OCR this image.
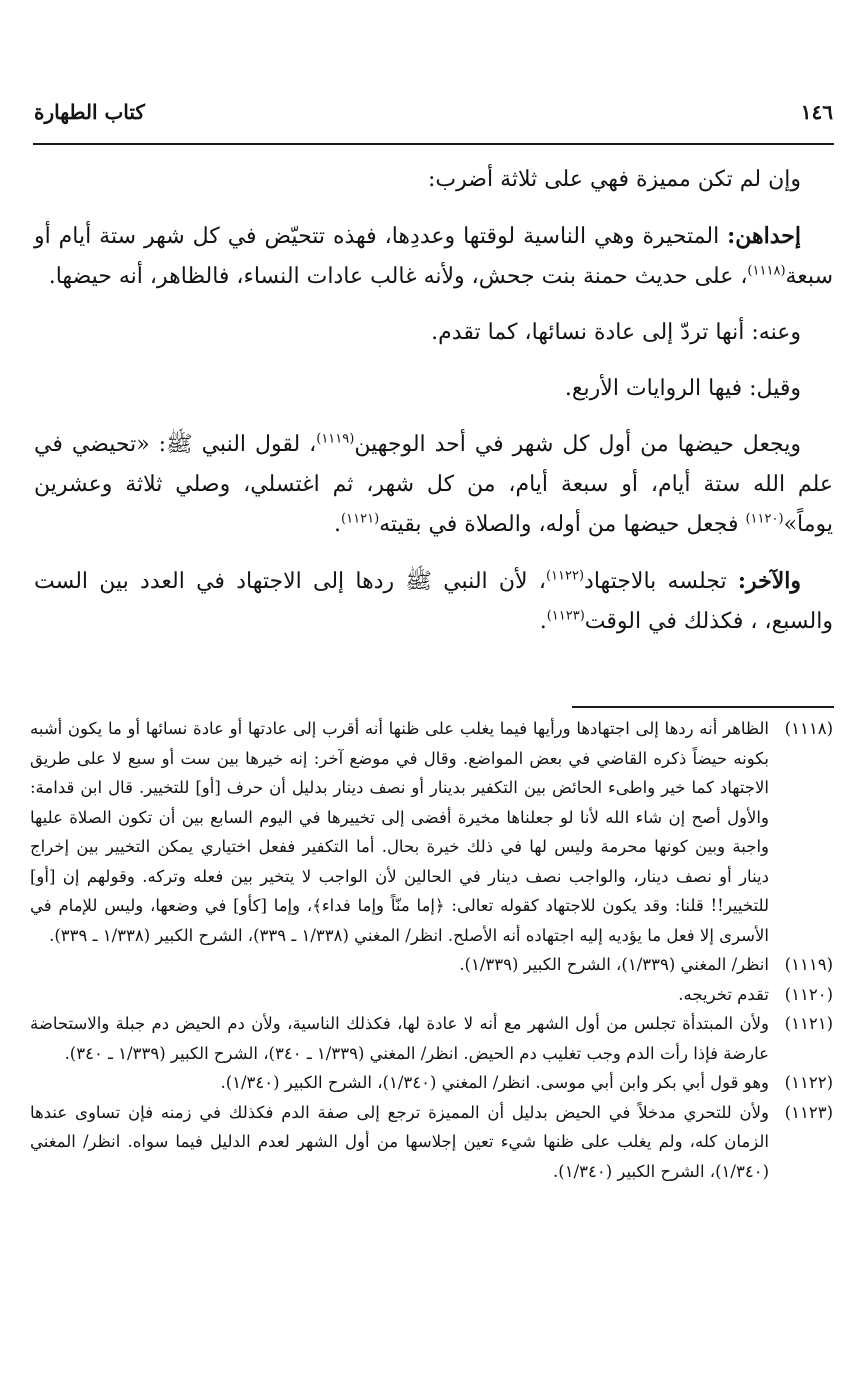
١٤٦
كتاب الطهارة

وإن لم تكن مميزة فهي على ثلاثة أضرب:

إحداهن: المتحيرة وهي الناسية لوقتها وعددِها، فهذه تتحيّض في كل شهر ستة أيام أو سبعة$^{(١١١٨)}$، على حديث حمنة بنت جحش، ولأنه غالب عادات النساء، فالظاهر، أنه حيضها.

وعنه: أنها تردّ إلى عادة نسائها، كما تقدم.

وقيل: فيها الروايات الأربع.

ويجعل حيضها من أول كل شهر في أحد الوجهين$^{(١١١٩)}$، لقول النبي ﷺ: «تحيضي في علم الله ستة أيام، أو سبعة أيام، من كل شهر، ثم اغتسلي، وصلي ثلاثة وعشرين يوماً»$^{(١١٢٠)}$ فجعل حيضها من أوله، والصلاة في بقيته$^{(١١٢١)}$.

والآخر: تجلسه بالاجتهاد$^{(١١٢٢)}$، لأن النبي ﷺ ردها إلى الاجتهاد في العدد بين الست والسبع، ، فكذلك في الوقت$^{(١١٢٣)}$.

(١١١٨)
الظاهر أنه ردها إلى اجتهادها ورأيها فيما يغلب على ظنها أنه أقرب إلى عادتها أو عادة نسائها أو ما يكون أشبه بكونه حيضاً ذكره القاضي في بعض المواضع. وقال في موضع آخر: إنه خيرها بين ست أو سبع لا على طريق الاجتهاد كما خير واطىء الحائض بين التكفير بدينار أو نصف دينار بدليل أن حرف [أو] للتخيير. قال ابن قدامة: والأول أصح إن شاء الله لأنا لو جعلناها مخيرة أفضى إلى تخييرها في اليوم السابع بين أن تكون الصلاة عليها واجبة وبين كونها محرمة وليس لها في ذلك خيرة بحال. أما التكفير ففعل اختياري يمكن التخيير بين إخراج دينار أو نصف دينار، والواجب نصف دينار في الحالين لأن الواجب لا يتخير بين فعله وتركه. وقولهم إن [أو] للتخيير!! قلنا: وقد يكون للاجتهاد كقوله تعالى: ﴿إما منّاً وإما فداء﴾، وإما [كأو] في وضعها، وليس للإمام في الأسرى إلا فعل ما يؤديه إليه اجتهاده أنه الأصلح. انظر/ المغني (١/٣٣٨ ـ ٣٣٩)، الشرح الكبير (١/٣٣٨ ـ ٣٣٩).
(١١١٩)
انظر/ المغني (١/٣٣٩)، الشرح الكبير (١/٣٣٩).
(١١٢٠)
تقدم تخريجه.
(١١٢١)
ولأن المبتدأة تجلس من أول الشهر مع أنه لا عادة لها، فكذلك الناسية، ولأن دم الحيض دم جبلة والاستحاضة عارضة فإذا رأت الدم وجب تغليب دم الحيض. انظر/ المغني (١/٣٣٩ ـ ٣٤٠)، الشرح الكبير (١/٣٣٩ ـ ٣٤٠).
(١١٢٢)
وهو قول أبي بكر وابن أبي موسى. انظر/ المغني (١/٣٤٠)، الشرح الكبير (١/٣٤٠).
(١١٢٣)
ولأن للتحري مدخلاً في الحيض بدليل أن المميزة ترجع إلى صفة الدم فكذلك في زمنه فإن تساوى عندها الزمان كله، ولم يغلب على ظنها شيء تعين إجلاسها من أول الشهر لعدم الدليل فيما سواه. انظر/ المغني (١/٣٤٠)، الشرح الكبير (١/٣٤٠).
